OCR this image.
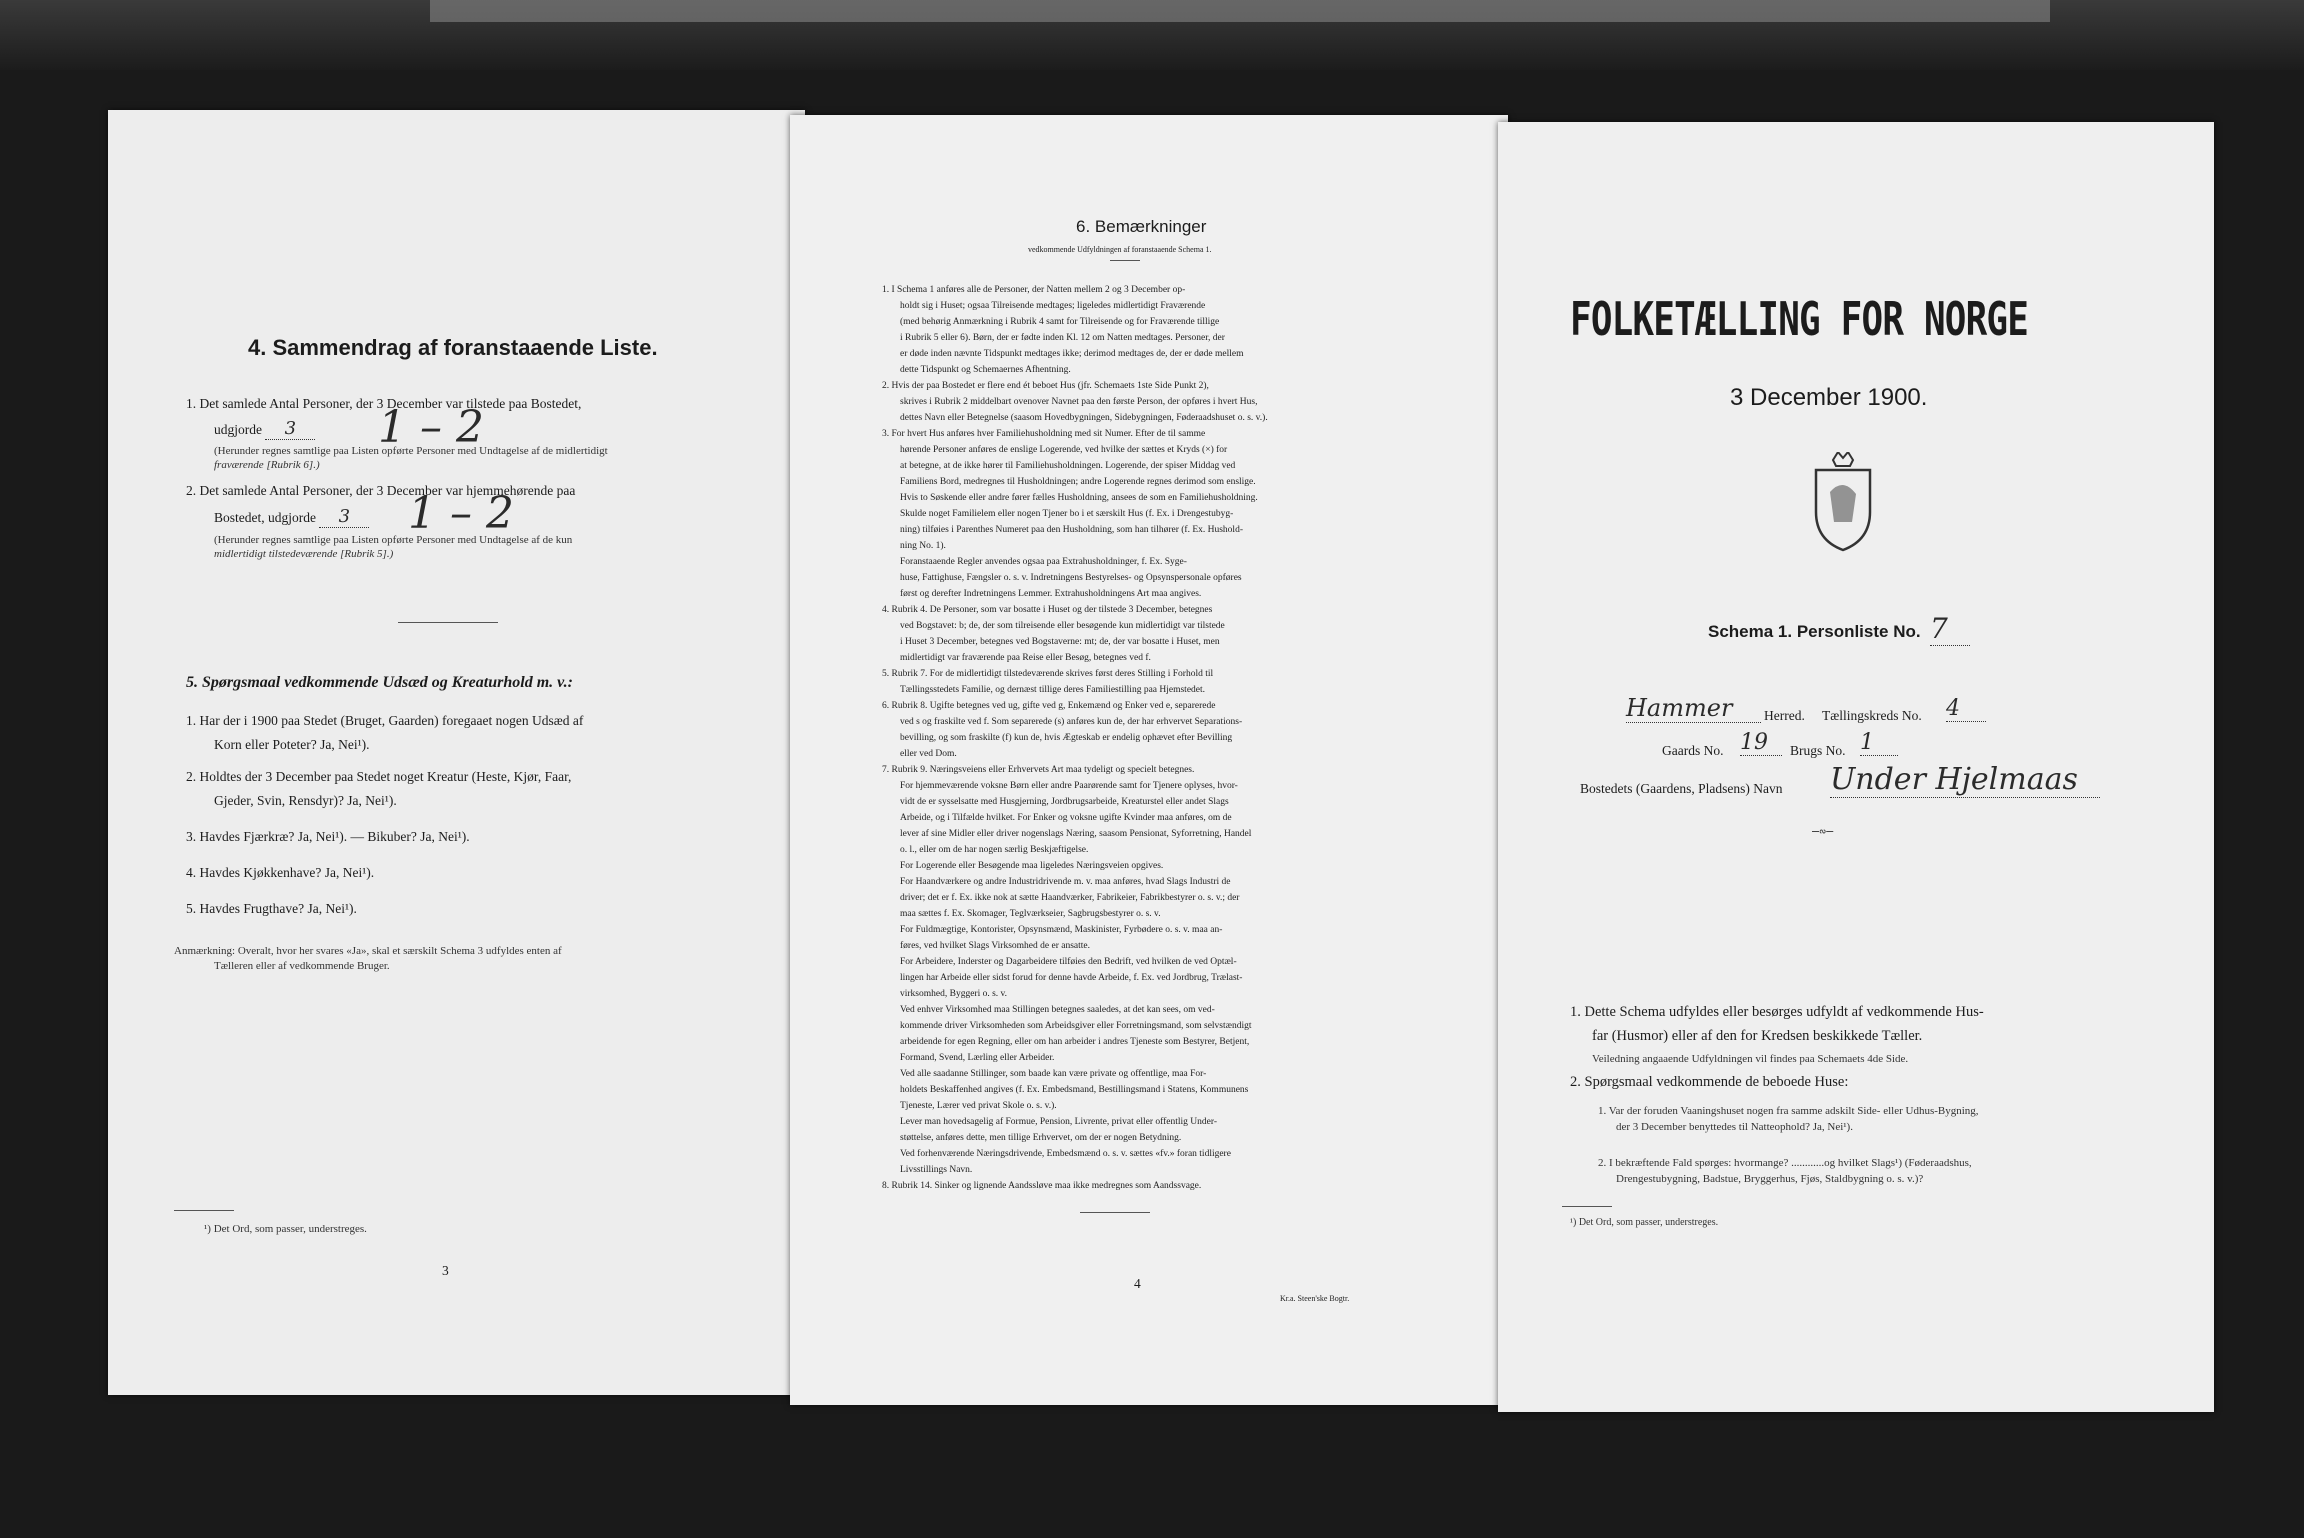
4. Sammendrag af foranstaaende Liste.
1. Det samlede Antal Personer, der 3 December var tilstede paa Bostedet,
udgjorde 3	1 – 2
(Herunder regnes samtlige paa Listen opførte Personer med Undtagelse af de midlertidigt
fraværende [Rubrik 6].)
2. Det samlede Antal Personer, der 3 December var hjemmehørende paa
Bostedet, udgjorde 3	1 – 2
(Herunder regnes samtlige paa Listen opførte Personer med Undtagelse af de kun
midlertidigt tilstedeværende [Rubrik 5].)
5. Spørgsmaal vedkommende Udsæd og Kreaturhold m. v.:
1. Har der i 1900 paa Stedet (Bruget, Gaarden) foregaaet nogen Udsæd af
Korn eller Poteter? Ja, Nei¹).
2. Holdtes der 3 December paa Stedet noget Kreatur (Heste, Kjør, Faar,
Gjeder, Svin, Rensdyr)? Ja, Nei¹).
3. Havdes Fjærkræ? Ja, Nei¹). — Bikuber? Ja, Nei¹).
4. Havdes Kjøkkenhave? Ja, Nei¹).
5. Havdes Frugthave? Ja, Nei¹).
Anmærkning: Overalt, hvor her svares «Ja», skal et særskilt Schema 3 udfyldes enten af
Tælleren eller af vedkommende Bruger.
¹) Det Ord, som passer, understreges.
3
6. Bemærkninger
vedkommende Udfyldningen af foranstaaende Schema 1.

1. I Schema 1 anføres alle de Personer, der Natten mellem 2 og 3 December op-

holdt sig i Huset; ogsaa Tilreisende medtages; ligeledes midlertidigt Fraværende

(med behørig Anmærkning i Rubrik 4 samt for Tilreisende og for Fraværende tillige

i Rubrik 5 eller 6). Børn, der er fødte inden Kl. 12 om Natten medtages. Personer, der

er døde inden nævnte Tidspunkt medtages ikke; derimod medtages de, der er døde mellem

dette Tidspunkt og Schemaernes Afhentning.

2. Hvis der paa Bostedet er flere end ét beboet Hus (jfr. Schemaets 1ste Side Punkt 2),

skrives i Rubrik 2 middelbart ovenover Navnet paa den første Person, der opføres i hvert Hus,

dettes Navn eller Betegnelse (saasom Hovedbygningen, Sidebygningen, Føderaadshuset o. s. v.).

3. For hvert Hus anføres hver Familiehusholdning med sit Numer. Efter de til samme

hørende Personer anføres de enslige Logerende, ved hvilke der sættes et Kryds (×) for

at betegne, at de ikke hører til Familiehusholdningen. Logerende, der spiser Middag ved

Familiens Bord, medregnes til Husholdningen; andre Logerende regnes derimod som enslige.

Hvis to Søskende eller andre fører fælles Husholdning, ansees de som en Familiehusholdning.

Skulde noget Familielem eller nogen Tjener bo i et særskilt Hus (f. Ex. i Drengestubyg-

ning) tilføies i Parenthes Numeret paa den Husholdning, som han tilhører (f. Ex. Hushold-

ning No. 1).

Foranstaaende Regler anvendes ogsaa paa Extrahusholdninger, f. Ex. Syge-

huse, Fattighuse, Fængsler o. s. v. Indretningens Bestyrelses- og Opsynspersonale opføres

først og derefter Indretningens Lemmer. Extrahusholdningens Art maa angives.

4. Rubrik 4. De Personer, som var bosatte i Huset og der tilstede 3 December, betegnes

ved Bogstavet: b; de, der som tilreisende eller besøgende kun midlertidigt var tilstede

i Huset 3 December, betegnes ved Bogstaverne: mt; de, der var bosatte i Huset, men

midlertidigt var fraværende paa Reise eller Besøg, betegnes ved f.

5. Rubrik 7. For de midlertidigt tilstedeværende skrives først deres Stilling i Forhold til

Tællingsstedets Familie, og dernæst tillige deres Familiestilling paa Hjemstedet.

6. Rubrik 8. Ugifte betegnes ved ug, gifte ved g, Enkemænd og Enker ved e, separerede

ved s og fraskilte ved f. Som separerede (s) anføres kun de, der har erhvervet Separations-

bevilling, og som fraskilte (f) kun de, hvis Ægteskab er endelig ophævet efter Bevilling

eller ved Dom.

7. Rubrik 9. Næringsveiens eller Erhvervets Art maa tydeligt og specielt betegnes.

For hjemmeværende voksne Børn eller andre Paarørende samt for Tjenere oplyses, hvor-

vidt de er sysselsatte med Husgjerning, Jordbrugsarbeide, Kreaturstel eller andet Slags

Arbeide, og i Tilfælde hvilket. For Enker og voksne ugifte Kvinder maa anføres, om de

lever af sine Midler eller driver nogenslags Næring, saasom Pensionat, Syforretning, Handel

o. l., eller om de har nogen særlig Beskjæftigelse.

For Logerende eller Besøgende maa ligeledes Næringsveien opgives.

For Haandværkere og andre Industridrivende m. v. maa anføres, hvad Slags Industri de

driver; det er f. Ex. ikke nok at sætte Haandværker, Fabrikeier, Fabrikbestyrer o. s. v.; der

maa sættes f. Ex. Skomager, Teglværkseier, Sagbrugsbestyrer o. s. v.

For Fuldmægtige, Kontorister, Opsynsmænd, Maskinister, Fyrbødere o. s. v. maa an-

føres, ved hvilket Slags Virksomhed de er ansatte.

For Arbeidere, Inderster og Dagarbeidere tilføies den Bedrift, ved hvilken de ved Optæl-

lingen har Arbeide eller sidst forud for denne havde Arbeide, f. Ex. ved Jordbrug, Trælast-

virksomhed, Byggeri o. s. v.

Ved enhver Virksomhed maa Stillingen betegnes saaledes, at det kan sees, om ved-

kommende driver Virksomheden som Arbeidsgiver eller Forretningsmand, som selvstændigt

arbeidende for egen Regning, eller om han arbeider i andres Tjeneste som Bestyrer, Betjent,

Formand, Svend, Lærling eller Arbeider.

Ved alle saadanne Stillinger, som baade kan være private og offentlige, maa For-

holdets Beskaffenhed angives (f. Ex. Embedsmand, Bestillingsmand i Statens, Kommunens

Tjeneste, Lærer ved privat Skole o. s. v.).

Lever man hovedsagelig af Formue, Pension, Livrente, privat eller offentlig Under-

støttelse, anføres dette, men tillige Erhvervet, om der er nogen Betydning.

Ved forhenværende Næringsdrivende, Embedsmænd o. s. v. sættes «fv.» foran tidligere

Livsstillings Navn.

8. Rubrik 14. Sinker og lignende Aandssløve maa ikke medregnes som Aandssvage.

4
Kr.a. Steen'ske Bogtr.
FOLKETÆLLING FOR NORGE
3 December 1900.
Schema 1. Personliste No. 7
Hammer	Herred. Tællingskreds No. 4
Gaards No. 19	Brugs No. 1
Bostedets (Gaardens, Pladsens) Navn Under Hjelmaas
⎯∾⎯
1. Dette Schema udfyldes eller besørges udfyldt af vedkommende Hus-
far (Husmor) eller af den for Kredsen beskikkede Tæller.
Veiledning angaaende Udfyldningen vil findes paa Schemaets 4de Side.
2. Spørgsmaal vedkommende de beboede Huse:
1. Var der foruden Vaaningshuset nogen fra samme adskilt Side- eller Udhus-Bygning,
der 3 December benyttedes til Natteophold? Ja, Nei¹).
2. I bekræftende Fald spørges: hvormange? ............og hvilket Slags¹) (Føderaadshus,
Drengestubygning, Badstue, Bryggerhus, Fjøs, Staldbygning o. s. v.)?
¹) Det Ord, som passer, understreges.
